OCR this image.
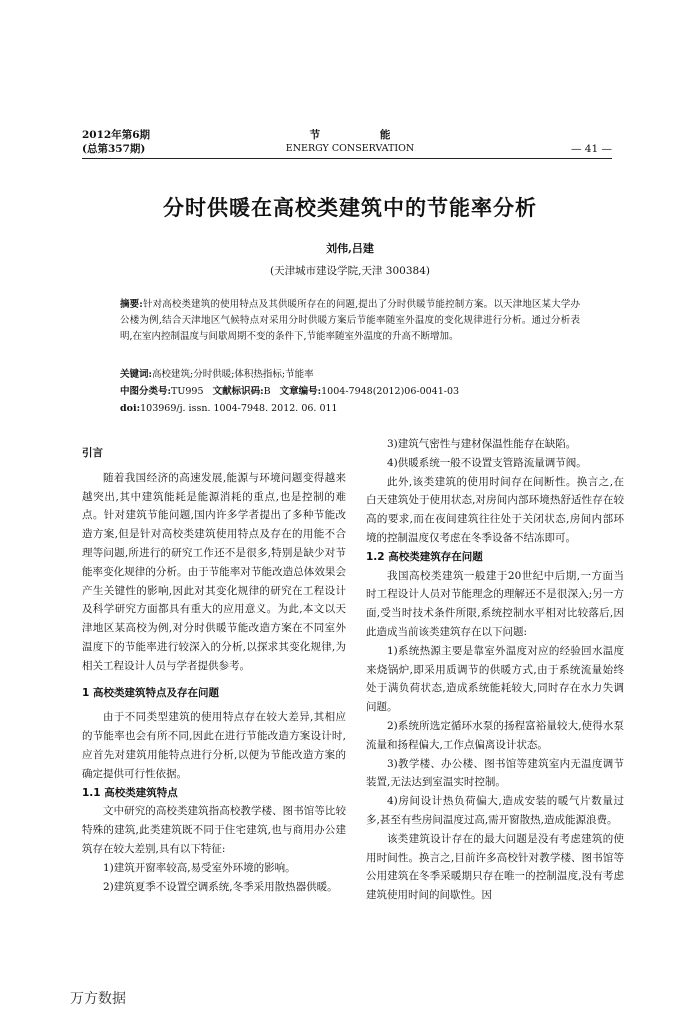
2012年第6期
(总第357期)
节 能
ENERGY CONSERVATION	— 41 —
分时供暖在高校类建筑中的节能率分析
刘伟,吕建
(天津城市建设学院,天津 300384)
摘要:针对高校类建筑的使用特点及其供暖所存在的问题,提出了分时供暖节能控制方案。以天津地区某大学办公楼为例,结合天津地区气候特点对采用分时供暖方案后节能率随室外温度的变化规律进行分析。通过分析表明,在室内控制温度与间歇周期不变的条件下,节能率随室外温度的升高不断增加。
关键词:高校建筑;分时供暖;体积热指标;节能率
中图分类号:TU995 文献标识码:B 文章编号:1004-7948(2012)06-0041-03
doi:103969/j. issn. 1004-7948. 2012. 06. 011
引言

随着我国经济的高速发展,能源与环境问题变得越来越突出,其中建筑能耗是能源消耗的重点,也是控制的难点。针对建筑节能问题,国内许多学者提出了多种节能改造方案,但是针对高校类建筑使用特点及存在的用能不合理等问题,所进行的研究工作还不是很多,特别是缺少对节能率变化规律的分析。由于节能率对节能改造总体效果会产生关键性的影响,因此对其变化规律的研究在工程设计及科学研究方面都具有重大的应用意义。为此,本文以天津地区某高校为例,对分时供暖节能改造方案在不同室外温度下的节能率进行较深入的分析,以探求其变化规律,为相关工程设计人员与学者提供参考。

1 高校类建筑特点及存在问题

由于不同类型建筑的使用特点存在较大差异,其相应的节能率也会有所不同,因此在进行节能改造方案设计时,应首先对建筑用能特点进行分析,以便为节能改造方案的确定提供可行性依据。

1.1 高校类建筑特点

文中研究的高校类建筑指高校教学楼、图书馆等比较特殊的建筑,此类建筑既不同于住宅建筑,也与商用办公建筑存在较大差别,具有以下特征:

1)建筑开窗率较高,易受室外环境的影响。

2)建筑夏季不设置空调系统,冬季采用散热器供暖。

3)建筑气密性与建材保温性能存在缺陷。

4)供暖系统一般不设置支管路流量调节阀。

此外,该类建筑的使用时间存在间断性。换言之,在白天建筑处于使用状态,对房间内部环境热舒适性存在较高的要求,而在夜间建筑往往处于关闭状态,房间内部环境的控制温度仅考虑在冬季设备不结冻即可。

1.2 高校类建筑存在问题

我国高校类建筑一般建于20世纪中后期,一方面当时工程设计人员对节能理念的理解还不是很深入;另一方面,受当时技术条件所限,系统控制水平相对比较落后,因此造成当前该类建筑存在以下问题:

1)系统热源主要是靠室外温度对应的经验回水温度来烧锅炉,即采用质调节的供暖方式,由于系统流量始终处于满负荷状态,造成系统能耗较大,同时存在水力失调问题。

2)系统所选定循环水泵的扬程富裕量较大,使得水泵流量和扬程偏大,工作点偏离设计状态。

3)教学楼、办公楼、图书馆等建筑室内无温度调节装置,无法达到室温实时控制。

4)房间设计热负荷偏大,造成安装的暖气片数量过多,甚至有些房间温度过高,需开窗散热,造成能源浪费。

该类建筑设计存在的最大问题是没有考虑建筑的使用时间性。换言之,目前许多高校针对教学楼、图书馆等公用建筑在冬季采暖期只存在唯一的控制温度,没有考虑建筑使用时间的间歇性。因

万方数据
